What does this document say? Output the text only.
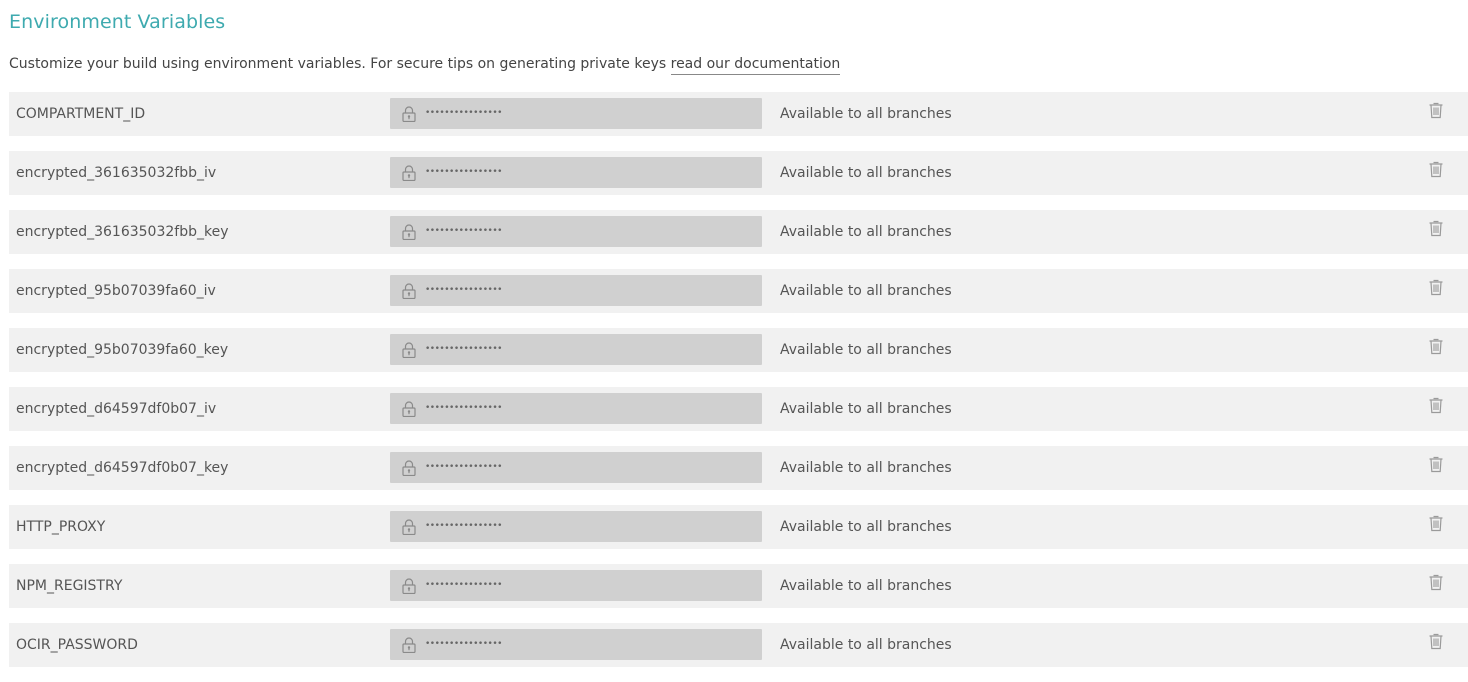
Environment Variables

Customize your build using environment variables. For secure tips on generating private keys read our documentation

COMPARTMENT_ID	••••••••••••••••	Available to all branches
encrypted_361635032fbb_iv	••••••••••••••••	Available to all branches
encrypted_361635032fbb_key	••••••••••••••••	Available to all branches
encrypted_95b07039fa60_iv	••••••••••••••••	Available to all branches
encrypted_95b07039fa60_key	••••••••••••••••	Available to all branches
encrypted_d64597df0b07_iv	••••••••••••••••	Available to all branches
encrypted_d64597df0b07_key	••••••••••••••••	Available to all branches
HTTP_PROXY	••••••••••••••••	Available to all branches
NPM_REGISTRY	••••••••••••••••	Available to all branches
OCIR_PASSWORD	••••••••••••••••	Available to all branches
